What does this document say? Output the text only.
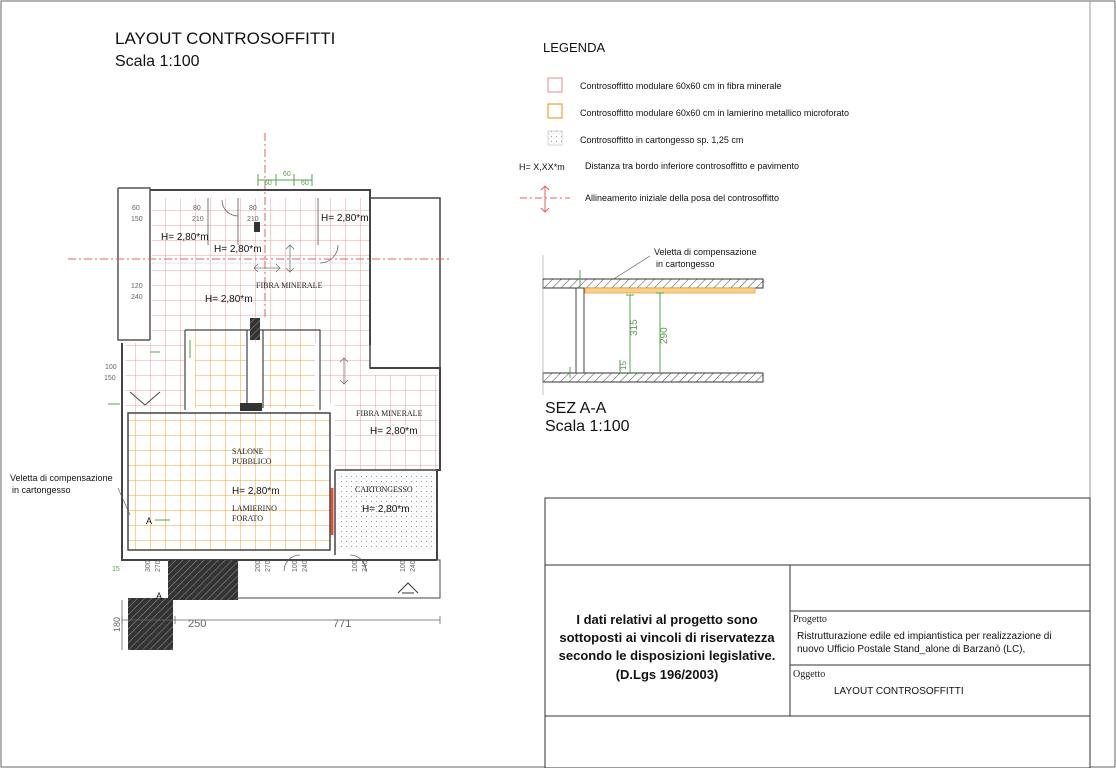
LAYOUT CONTROSOFFITTI
Scala 1:100
LEGENDA
Controsoffitto modulare 60x60 cm in fibra minerale
Controsoffitto modulare 60x60 cm in lamierino metallico microforato
Controsoffitto in cartongesso sp. 1,25 cm
H= X,XX*m Distanza tra bordo inferiore controsoffitto e pavimento
Allineamento iniziale della posa del controsoffitto
H= 2,80*m
H= 2,80*m
H= 2,80*m
H= 2,80*m
FIBRA MINERALE
FIBRA MINERALE
H= 2,80*m
SALONE
PUBBLICO
H= 2,80*m
LAMIERINO
FORATO
CARTONGESSO
H= 2,80*m
Veletta di compensazione
in cartongesso
A
A
250	771
180
60
150
120
240
100
150
80
210
80
210
60
60
60
15	300 270	200 270	100 240	100 240	100 240
Veletta di compensazione
in cartongesso
315 290
15
SEZ A-A
Scala 1:100
I dati relativi al progetto sono
sottoposti ai vincoli di riservatezza
secondo le disposizioni legislative.
(D.Lgs 196/2003)
Progetto
Ristrutturazione edile ed impiantistica per realizzazione di
nuovo Ufficio Postale Stand_alone di Barzanò (LC),
Oggetto
LAYOUT CONTROSOFFITTI
